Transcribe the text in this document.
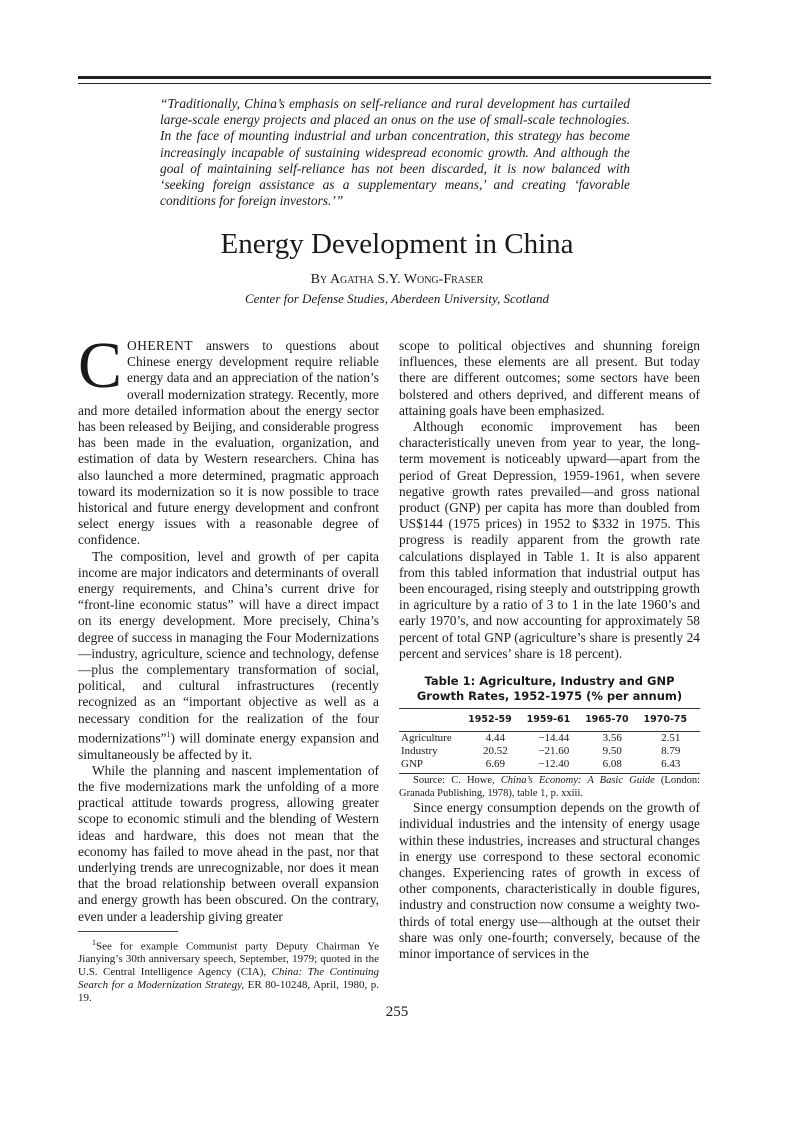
“Traditionally, China’s emphasis on self-reliance and rural development has curtailed large-scale energy projects and placed an onus on the use of small-scale technologies. In the face of mounting industrial and urban concentration, this strategy has become increasingly incapable of sustaining widespread economic growth. And although the goal of maintaining self-reliance has not been discarded, it is now balanced with ‘seeking foreign assistance as a supplementary means,’ and creating ‘favorable conditions for foreign investors.’”
Energy Development in China
By Agatha S.Y. Wong-Fraser
Center for Defense Studies, Aberdeen University, Scotland

COHERENT answers to questions about Chinese energy development require reliable energy data and an appreciation of the nation’s overall modernization strategy. Recently, more and more detailed information about the energy sector has been released by Beijing, and considerable progress has been made in the evaluation, organization, and estimation of data by Western researchers. China has also launched a more determined, pragmatic approach toward its modernization so it is now possible to trace historical and future energy development and confront select energy issues with a reasonable degree of confidence.

The composition, level and growth of per capita income are major indicators and determinants of overall energy requirements, and China’s current drive for “front-line economic status” will have a direct impact on its energy development. More precisely, China’s degree of success in managing the Four Modernizations—industry, agriculture, science and technology, defense—plus the complementary transformation of social, political, and cultural infrastructures (recently recognized as an “important objective as well as a necessary condition for the realization of the four modernizations”$^1$) will dominate energy expansion and simultaneously be affected by it.

While the planning and nascent implementation of the five modernizations mark the unfolding of a more practical attitude towards progress, allowing greater scope to economic stimuli and the blending of Western ideas and hardware, this does not mean that the economy has failed to move ahead in the past, nor that underlying trends are unrecognizable, nor does it mean that the broad relationship between overall expansion and energy growth has been obscured. On the contrary, even under a leadership giving greater

$^1$See for example Communist party Deputy Chairman Ye Jianying’s 30th anniversary speech, September, 1979; quoted in the U.S. Central Intelligence Agency (CIA), China: The Continuing Search for a Modernization Strategy, ER 80-10248, April, 1980, p. 19.

scope to political objectives and shunning foreign influences, these elements are all present. But today there are different outcomes; some sectors have been bolstered and others deprived, and different means of attaining goals have been emphasized.

Although economic improvement has been characteristically uneven from year to year, the long-term movement is noticeably upward—apart from the period of Great Depression, 1959-1961, when severe negative growth rates prevailed—and gross national product (GNP) per capita has more than doubled from US$144 (1975 prices) in 1952 to $332 in 1975. This progress is readily apparent from the growth rate calculations displayed in Table 1. It is also apparent from this tabled information that industrial output has been encouraged, rising steeply and outstripping growth in agriculture by a ratio of 3 to 1 in the late 1960’s and early 1970’s, and now accounting for approximately 58 percent of total GNP (agriculture’s share is presently 24 percent and services’ share is 18 percent).

Table 1: Agriculture, Industry and GNP Growth Rates, 1952-1975 (% per annum)
	1952-59	1959-61	1965-70	1970-75
Agriculture	4.44	−14.44	3.56	2.51
Industry	20.52	−21.60	9.50	8.79
GNP	6.69	−12.40	6.08	6.43

Source: C. Howe, China’s Economy: A Basic Guide (London: Granada Publishing, 1978), table 1, p. xxiii.

Since energy consumption depends on the growth of individual industries and the intensity of energy usage within these industries, increases and structural changes in energy use correspond to these sectoral economic changes. Experiencing rates of growth in excess of other components, characteristically in double figures, industry and construction now consume a weighty two-thirds of total energy use—although at the outset their share was only one-fourth; conversely, because of the minor importance of services in the

255
